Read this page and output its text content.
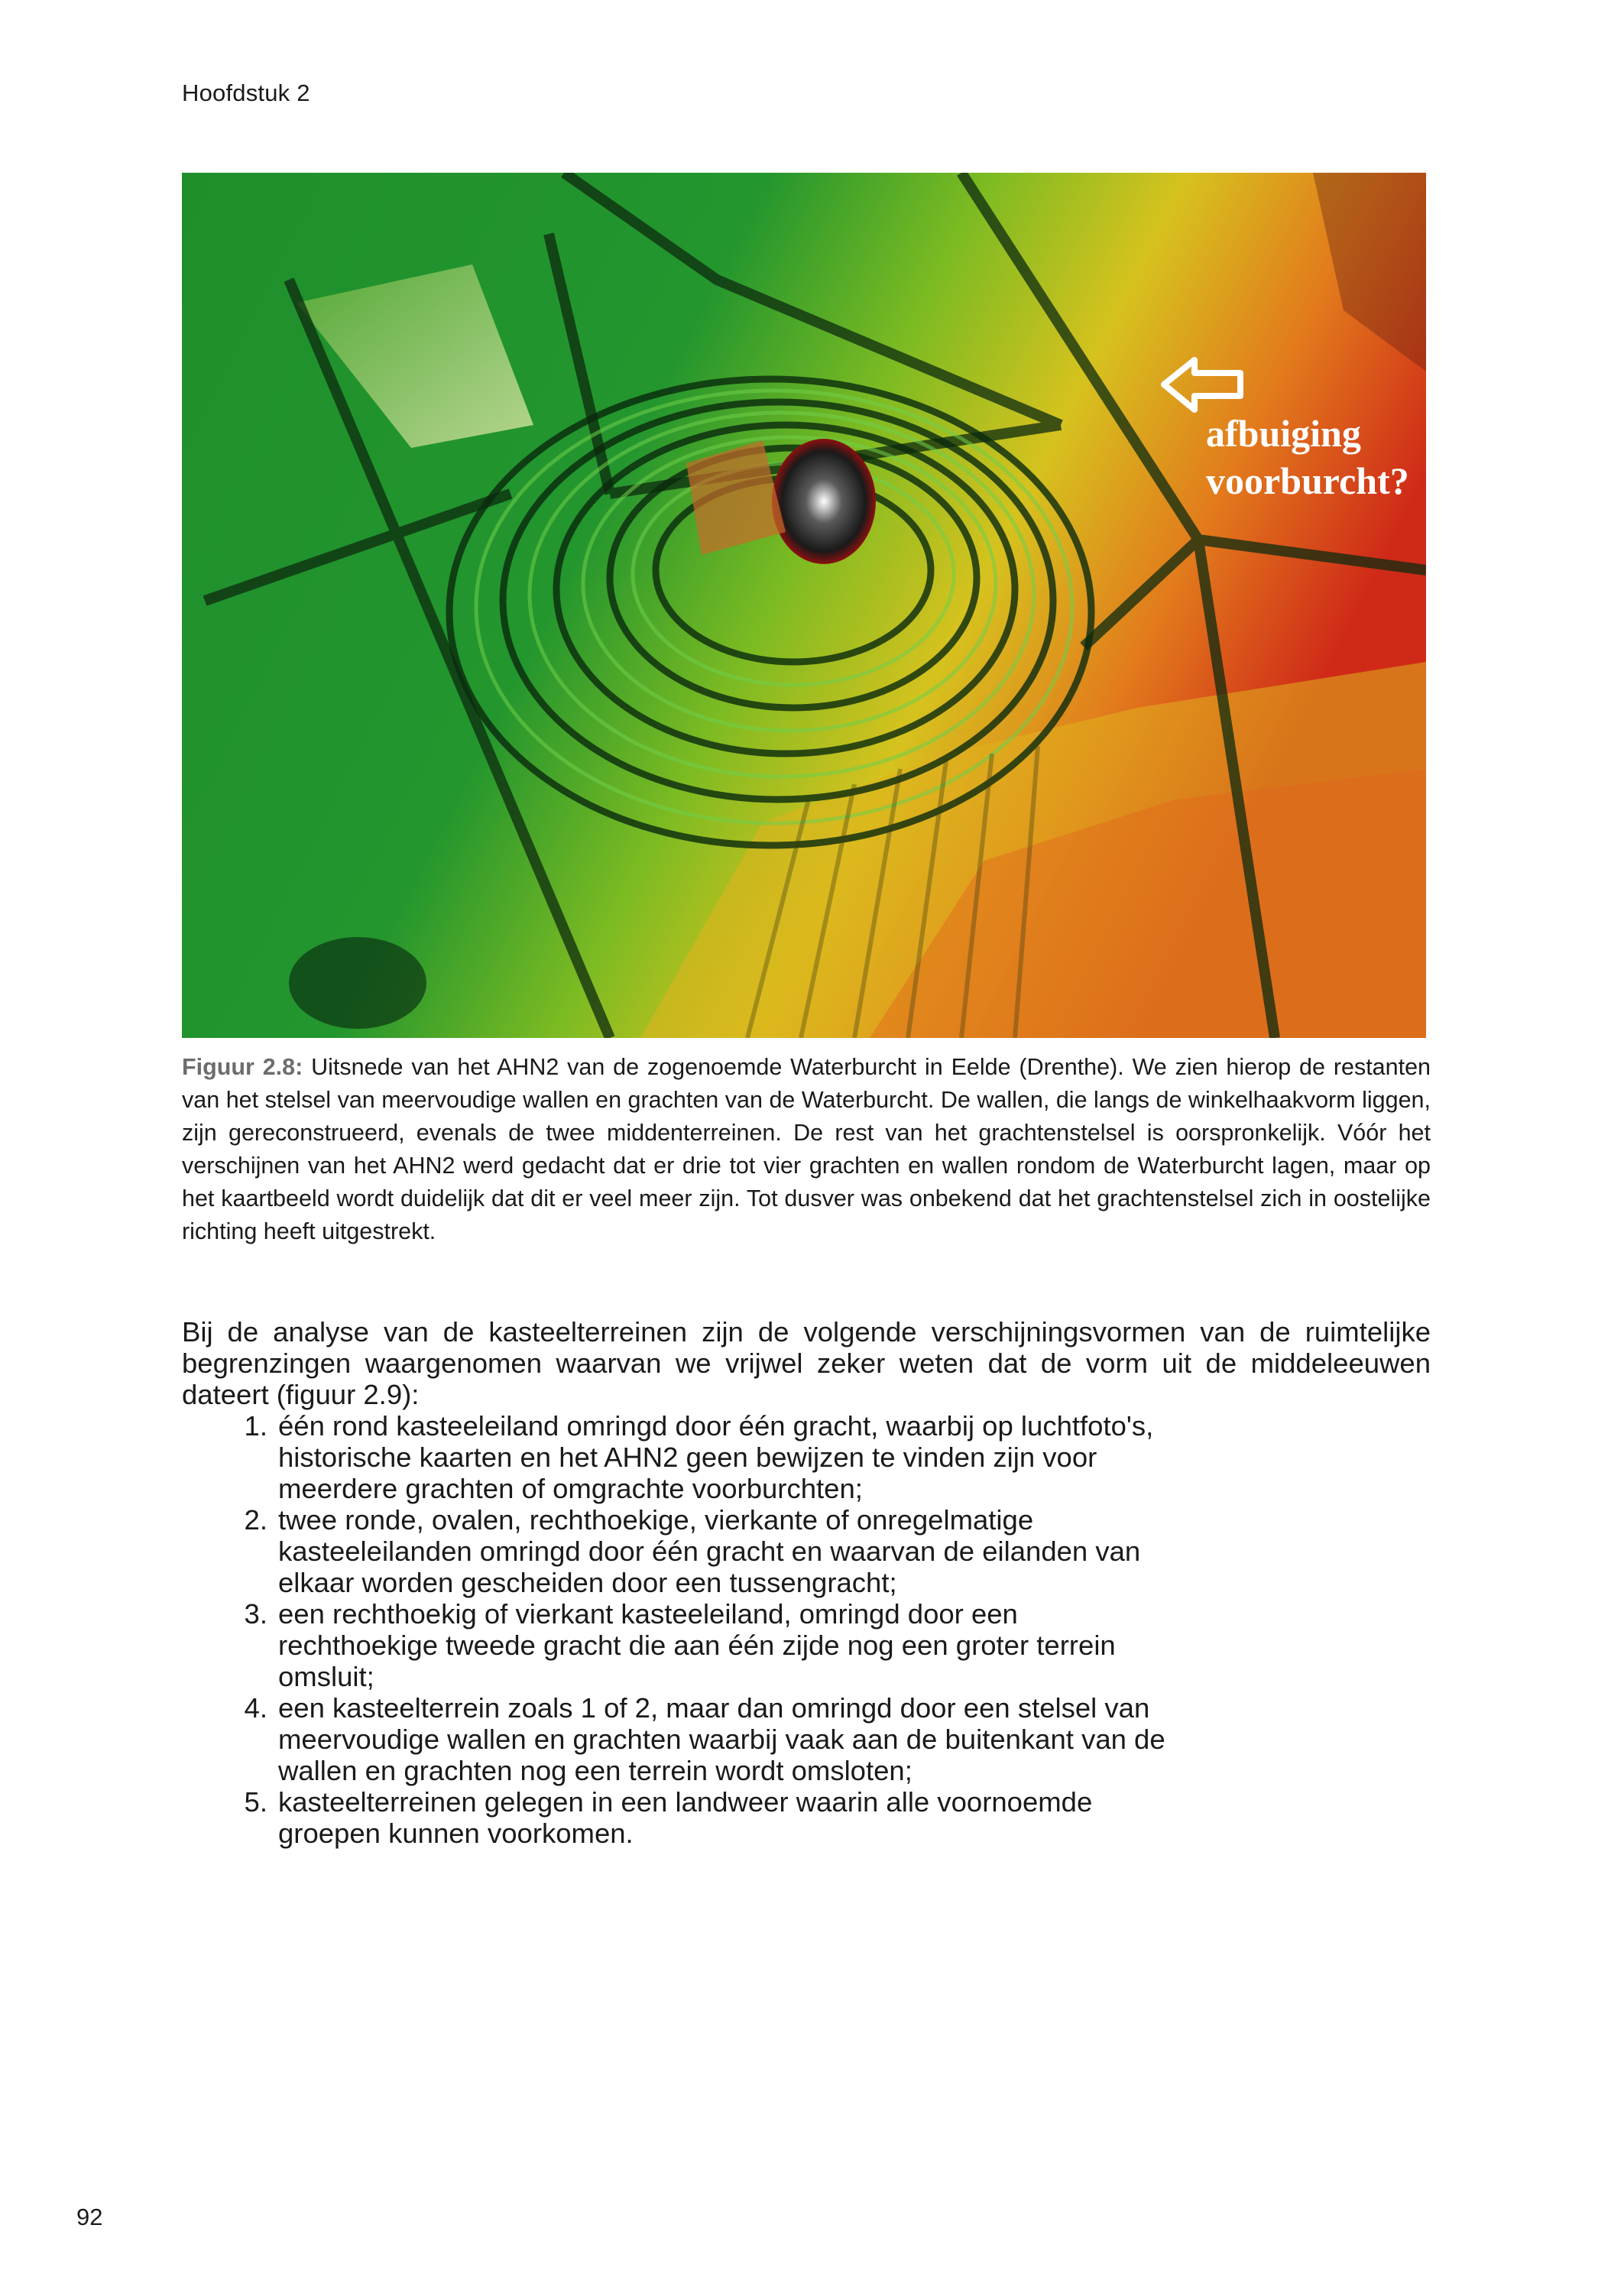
Hoofdstuk 2
afbuiging
voorburcht?
Figuur 2.8: Uitsnede van het AHN2 van de zogenoemde Waterburcht in Eelde (Drenthe). We zien hierop de restanten van het stelsel van meervoudige wallen en grachten van de Waterburcht. De wallen, die langs de winkelhaakvorm liggen, zijn gereconstrueerd, evenals de twee middenterreinen. De rest van het grachtenstelsel is oorspronkelijk. Vóór het verschijnen van het AHN2 werd gedacht dat er drie tot vier grachten en wallen rondom de Waterburcht lagen, maar op het kaartbeeld wordt duidelijk dat dit er veel meer zijn. Tot dusver was onbekend dat het grachtenstelsel zich in oostelijke richting heeft uitgestrekt.

Bij de analyse van de kasteelterreinen zijn de volgende verschijningsvormen van de ruimtelijke begrenzingen waargenomen waarvan we vrijwel zeker weten dat de vorm uit de middeleeuwen dateert (figuur 2.9):

1. één rond kasteeleiland omringd door één gracht, waarbij op luchtfoto's, historische kaarten en het AHN2 geen bewijzen te vinden zijn voor meerdere grachten of omgrachte voorburchten;
2. twee ronde, ovalen, rechthoekige, vierkante of onregelmatige kasteeleilanden omringd door één gracht en waarvan de eilanden van elkaar worden gescheiden door een tussengracht;
3. een rechthoekig of vierkant kasteeleiland, omringd door een rechthoekige tweede gracht die aan één zijde nog een groter terrein omsluit;
4. een kasteelterrein zoals 1 of 2, maar dan omringd door een stelsel van meervoudige wallen en grachten waarbij vaak aan de buitenkant van de wallen en grachten nog een terrein wordt omsloten;
5. kasteelterreinen gelegen in een landweer waarin alle voornoemde groepen kunnen voorkomen.
92
